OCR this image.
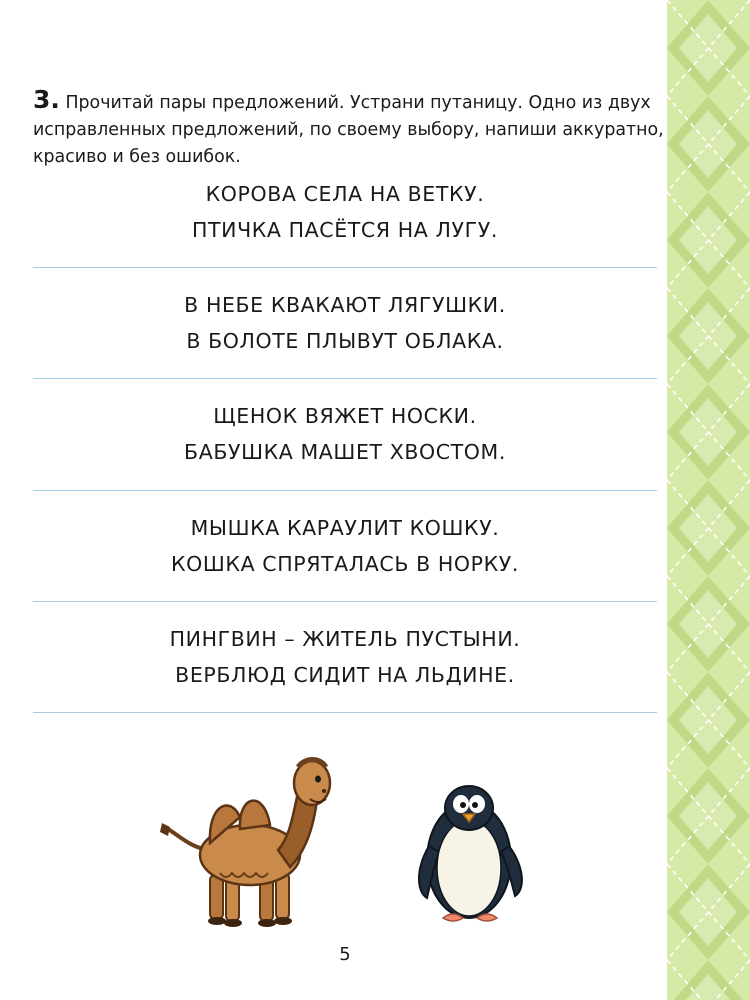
3. Прочитай пары предложений. Устрани путаницу. Одно из двух исправленных предложений, по своему выбору, напиши аккуратно, красиво и без ошибок.
КОРОВА СЕЛА НА ВЕТКУ.
ПТИЧКА ПАСЁТСЯ НА ЛУГУ.
В НЕБЕ КВАКАЮТ ЛЯГУШКИ.
В БОЛОТЕ ПЛЫВУТ ОБЛАКА.
ЩЕНОК ВЯЖЕТ НОСКИ.
БАБУШКА МАШЕТ ХВОСТОМ.
МЫШКА КАРАУЛИТ КОШКУ.
КОШКА СПРЯТАЛАСЬ В НОРКУ.
ПИНГВИН – ЖИТЕЛЬ ПУСТЫНИ.
ВЕРБЛЮД СИДИТ НА ЛЬДИНЕ.
5
